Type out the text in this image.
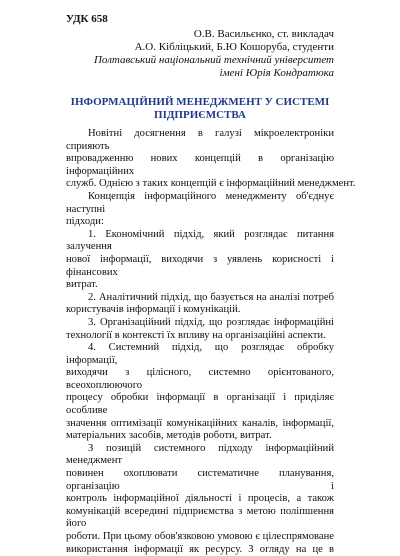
УДК 658
О.В. Васильєнко, ст. викладач
А.О. Кібліцький, Б.Ю Кошоруба, студенти
Полтавський національний технічний університет
імені Юрія Кондратюка
ІНФОРМАЦІЙНИЙ МЕНЕДЖМЕНТ У СИСТЕМІ
ПІДПРИЄМСТВА
Новітні досягнення в галузі мікроелектроніки сприяють
впровадженню нових концепцій в організацію інформаційних
служб. Однією з таких концепцій є інформаційний менеджмент.
Концепція інформаційного менеджменту об'єднує наступні
підходи:
1. Економічний підхід, який розглядає питання залучення
нової інформації, виходячи з уявлень корисності і фінансових
витрат.
2. Аналітичний підхід, що базується на аналізі потреб
користувачів інформації і комунікацій.
3. Організаційний підхід, що розглядає інформаційні
технології в контексті їх впливу на організаційні аспекти.
4. Системний підхід, що розглядає обробку інформації,
виходячи з цілісного, системно орієнтованого, всеохоплюючого
процесу обробки інформації в організації і приділяє особливе
значення оптимізації комунікаційних каналів, інформації,
матеріальних засобів, методів роботи, витрат.
З позицій системного підходу інформаційний менеджмент
повинен охоплювати систематичне планування, організацію і
контроль інформаційної діяльності і процесів, а також
комунікацій всередині підприємства з метою поліпшення його
роботи. При цьому обов'язковою умовою є цілеспрямоване
використання інформації як ресурсу. З огляду на це в
